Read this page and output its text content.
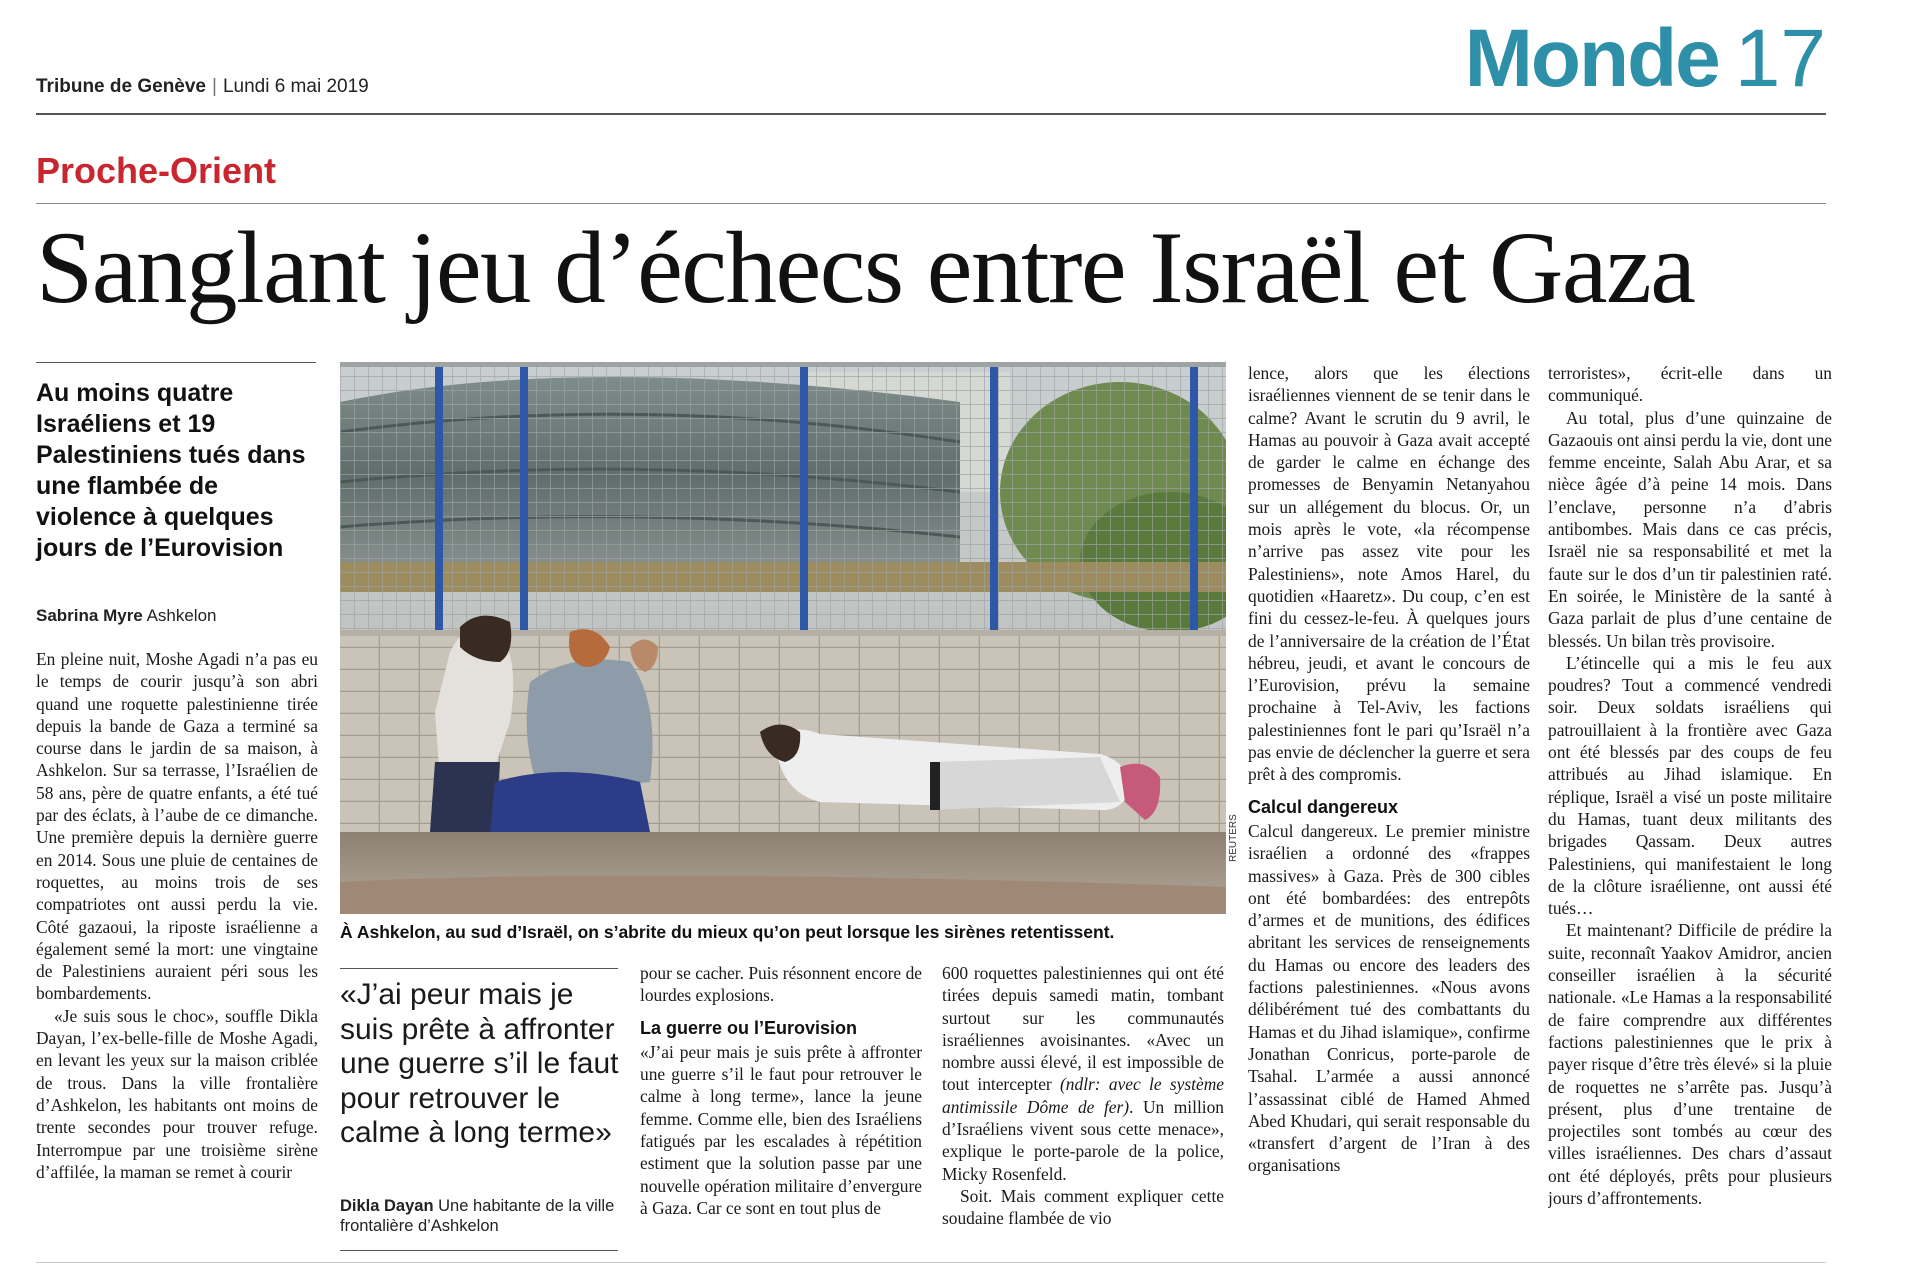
Tribune de Genève | Lundi 6 mai 2019	Monde 17
Proche-Orient
Sanglant jeu d’échecs entre Israël et Gaza
Au moins quatre Israéliens et 19 Palestiniens tués dans une flambée de violence à quelques jours de l’Eurovision
Sabrina Myre Ashkelon

En pleine nuit, Moshe Agadi n’a pas eu le temps de courir jusqu’à son abri quand une roquette palestinienne tirée depuis la bande de Gaza a terminé sa course dans le jardin de sa maison, à Ashkelon. Sur sa terrasse, l’Israélien de 58 ans, père de quatre enfants, a été tué par des éclats, à l’aube de ce dimanche. Une première depuis la dernière guerre en 2014. Sous une pluie de centaines de roquettes, au moins trois de ses compatriotes ont aussi perdu la vie. Côté gazaoui, la riposte israélienne a également semé la mort: une vingtaine de Palestiniens auraient péri sous les bombardements.

«Je suis sous le choc», souffle Dikla Dayan, l’ex-belle-fille de Moshe Agadi, en levant les yeux sur la maison criblée de trous. Dans la ville frontalière d’Ashkelon, les habitants ont moins de trente secondes pour trouver refuge. Interrompue par une troisième sirène d’affilée, la maman se remet à courir

REUTERS
À Ashkelon, au sud d’Israël, on s’abrite du mieux qu’on peut lorsque les sirènes retentissent.
«J’ai peur mais je suis prête à affronter une guerre s’il le faut pour retrouver le calme à long terme»
Dikla Dayan Une habitante de la ville frontalière d’Ashkelon

pour se cacher. Puis résonnent encore de lourdes explosions.

La guerre ou l’Eurovision

«J’ai peur mais je suis prête à affronter une guerre s’il le faut pour retrouver le calme à long terme», lance la jeune femme. Comme elle, bien des Israéliens fatigués par les escalades à répétition estiment que la solution passe par une nouvelle opération militaire d’envergure à Gaza. Car ce sont en tout plus de

600 roquettes palestiniennes qui ont été tirées depuis samedi matin, tombant surtout sur les communautés israéliennes avoisinantes. «Avec un nombre aussi élevé, il est impossible de tout intercepter (ndlr: avec le système antimissile Dôme de fer). Un million d’Israéliens vivent sous cette menace», explique le porte-parole de la police, Micky Rosenfeld.

Soit. Mais comment expliquer cette soudaine flambée de vio

lence, alors que les élections israéliennes viennent de se tenir dans le calme? Avant le scrutin du 9 avril, le Hamas au pouvoir à Gaza avait accepté de garder le calme en échange des promesses de Benyamin Netanyahou sur un allégement du blocus. Or, un mois après le vote, «la récompense n’arrive pas assez vite pour les Palestiniens», note Amos Harel, du quotidien «Haaretz». Du coup, c’en est fini du cessez-le-feu. À quelques jours de l’anniversaire de la création de l’État hébreu, jeudi, et avant le concours de l’Eurovision, prévu la semaine prochaine à Tel-Aviv, les factions palestiniennes font le pari qu’Israël n’a pas envie de déclencher la guerre et sera prêt à des compromis.

Calcul dangereux

Calcul dangereux. Le premier ministre israélien a ordonné des «frappes massives» à Gaza. Près de 300 cibles ont été bombardées: des entrepôts d’armes et de munitions, des édifices abritant les services de renseignements du Hamas ou encore des leaders des factions palestiniennes. «Nous avons délibérément tué des combattants du Hamas et du Jihad islamique», confirme Jonathan Conricus, porte-parole de Tsahal. L’armée a aussi annoncé l’assassinat ciblé de Hamed Ahmed Abed Khudari, qui serait responsable du «transfert d’argent de l’Iran à des organisations

terroristes», écrit-elle dans un communiqué.

Au total, plus d’une quinzaine de Gazaouis ont ainsi perdu la vie, dont une femme enceinte, Salah Abu Arar, et sa nièce âgée d’à peine 14 mois. Dans l’enclave, personne n’a d’abris antibombes. Mais dans ce cas précis, Israël nie sa responsabilité et met la faute sur le dos d’un tir palestinien raté. En soirée, le Ministère de la santé à Gaza parlait de plus d’une centaine de blessés. Un bilan très provisoire.

L’étincelle qui a mis le feu aux poudres? Tout a commencé vendredi soir. Deux soldats israéliens qui patrouillaient à la frontière avec Gaza ont été blessés par des coups de feu attribués au Jihad islamique. En réplique, Israël a visé un poste militaire du Hamas, tuant deux militants des brigades Qassam. Deux autres Palestiniens, qui manifestaient le long de la clôture israélienne, ont aussi été tués…

Et maintenant? Difficile de prédire la suite, reconnaît Yaakov Amidror, ancien conseiller israélien à la sécurité nationale. «Le Hamas a la responsabilité de faire comprendre aux différentes factions palestiniennes que le prix à payer risque d’être très élevé» si la pluie de roquettes ne s’arrête pas. Jusqu’à présent, plus d’une trentaine de projectiles sont tombés au cœur des villes israéliennes. Des chars d’assaut ont été déployés, prêts pour plusieurs jours d’affrontements.
